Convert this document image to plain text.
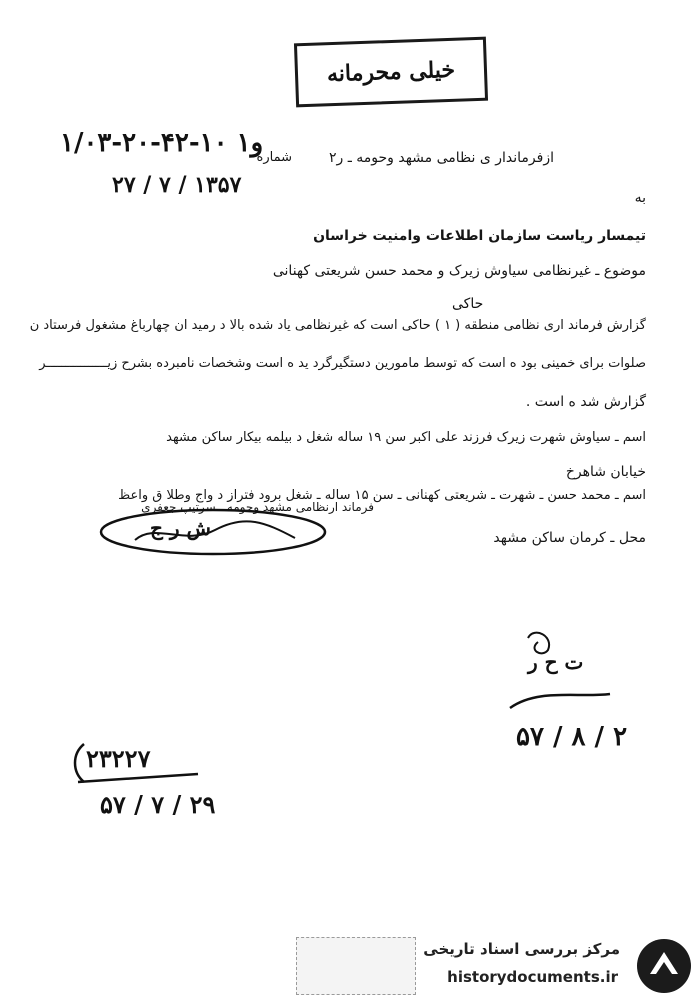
خیلی محرمانه
شماره
۱/۰۳-۲۰-۴۲-۱۰ و۱
۲۷ / ۷ / ۱۳۵۷
ازفرماندار ی نظامی مشهد وحومه ـ ر۲
به
تیمسار ریاست سازمان اطلاعات وامنیت خراسان
موضوع ـ غیرنظامی سیاوش زیرک و محمد حسن شریعتی کهنانی
حاکی
گزارش فرماند اری نظامی منطقه ( ۱ ) حاکی است که غیرنظامی یاد شده بالا د رمید ان چهارباغ مشغول فرستاد ن
صلوات برای خمینی بود ه است که توسط مامورین دستگیرگرد ید ه است وشخصات نامبرده بشرح زیــــــــــــــــر
گزارش شد ه است .
اسم ـ سیاوش شهرت زیرک فرزند علی اکبر سن ۱۹ ساله شغل د بیلمه بیکار ساکن مشهد
خیابان شاهرخ
اسم ـ محمد حسن ـ شهرت ـ شریعتی کهنانی ـ سن ۱۵ ساله ـ شغل برود فتراز د واج وطلا ق واعظ
محل ـ کرمان ساکن مشهد
فرماند ارنظامی مشهد وحومه ـ سرتیپ جعفری
ش ر ج
ت ح ر
۵۷ / ۸ / ۲
۲۳۲۲۷
۵۷ / ۷ / ۲۹
مرکز بررسی اسناد تاریخی
historydocuments.ir
